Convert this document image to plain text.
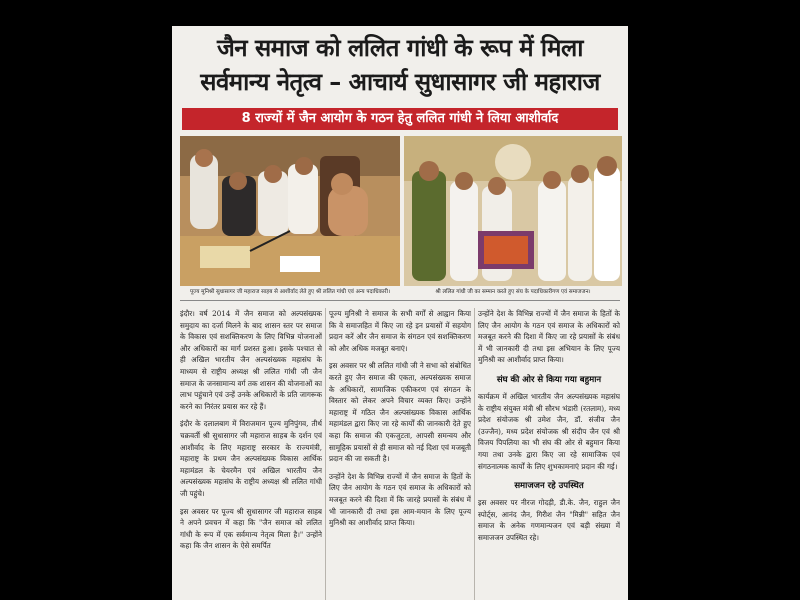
जैन समाज को ललित गांधी के रूप में मिला
सर्वमान्य नेतृत्व – आचार्य सुधासागर जी महाराज
8 राज्यों में जैन आयोग के गठन हेतु ललित गांधी ने लिया आशीर्वाद
पूज्य मुनिश्री सुधासागर जी महाराज साहब से आशीर्वाद लेते हुए श्री ललित गांधी एवं अन्य पदाधिकारी।	श्री ललित गांधी जी का सम्मान करते हुए संघ के पदाधिकारीगण एवं समाजजन।

इंदौर। वर्ष 2014 में जैन समाज को अल्पसंख्यक समुदाय का दर्जा मिलने के बाद शासन स्तर पर समाज के विकास एवं सशक्तिकरण के लिए विभिन्न योजनाओं और अधिकारों का मार्ग प्रशस्त हुआ। इसके पश्चात से ही अखिल भारतीय जैन अल्पसंख्यक महासंघ के माध्यम से राष्ट्रीय अध्यक्ष श्री ललित गांधी जी जैन समाज के जनसामान्य वर्ग तक शासन की योजनाओं का लाभ पहुंचाने एवं उन्हें उनके अधिकारों के प्रति जागरूक करने का निरंतर प्रयास कर रहे हैं।

इंदौर के दलालबाग में विराजमान पूज्य मुनिपुंगव, तीर्थ चक्रवर्ती श्री सुधासागर जी महाराज साहब के दर्शन एवं आशीर्वाद के लिए महाराष्ट्र सरकार के राज्यमंत्री, महाराष्ट्र के प्रथम जैन अल्पसंख्यक विकास आर्थिक महामंडल के चेयरमैन एवं अखिल भारतीय जैन अल्पसंख्यक महासंघ के राष्ट्रीय अध्यक्ष श्री ललित गांधी जी पहुंचे।

इस अवसर पर पूज्य श्री सुधासागर जी महाराज साहब ने अपने प्रवचन में कहा कि "जैन समाज को ललित गांधी के रूप में एक सर्वमान्य नेतृत्व मिला है।" उन्होंने कहा कि जैन शासन के ऐसे समर्पित

पूज्य मुनिश्री ने समाज के सभी वर्गों से आह्वान किया कि वे समाजहित में किए जा रहे इन प्रयासों में सहयोग प्रदान करें और जैन समाज के संगठन एवं सशक्तिकरण को और अधिक मजबूत बनाएं।

इस अवसर पर श्री ललित गांधी जी ने सभा को संबोधित करते हुए जैन समाज की एकता, अल्पसंख्यक समाज के अधिकारों, सामाजिक एकीकरण एवं संगठन के विस्तार को लेकर अपने विचार व्यक्त किए। उन्होंने महाराष्ट्र में गठित जैन अल्पसंख्यक विकास आर्थिक महामंडल द्वारा किए जा रहे कार्यों की जानकारी देते हुए कहा कि समाज की एकजुटता, आपसी समन्वय और सामूहिक प्रयासों से ही समाज को नई दिशा एवं मजबूती प्रदान की जा सकती है।

उन्होंने देश के विभिन्न राज्यों में जैन समाज के हितों के लिए जैन आयोग के गठन एवं समाज के अधिकारों को मजबूत करने की दिशा में कि जारहे प्रयासों के संबंध में भी जानकारी दी तथा इस आम-मयान के लिए पूज्य मुनिश्री का आशीर्वाद प्राप्त किया।

उन्होंने देश के विभिन्न राज्यों में जैन समाज के हितों के लिए जैन आयोग के गठन एवं समाज के अधिकारों को मजबूत करने की दिशा में किए जा रहे प्रयासों के संबंध में भी जानकारी दी तथा इस अभियान के लिए पूज्य मुनिश्री का आशीर्वाद प्राप्त किया।

संघ की ओर से किया गया बहुमान

कार्यक्रम में अखिल भारतीय जैन अल्पसंख्यक महासंघ के राष्ट्रीय संयुक्त मंत्री श्री सौरभ भंडारी (रतलाम), मध्य प्रदेश संयोजक श्री उमेश जैन, डॉ. संजीव जैन (उज्जैन), मध्य प्रदेश संयोजक श्री संदीप जैन एवं श्री विजय पिपलिया का भी संघ की ओर से बहुमान किया गया तथा उनके द्वारा किए जा रहे सामाजिक एवं संगठनात्मक कार्यों के लिए शुभकामनाएं प्रदान की गई।

समाजजन रहे उपस्थित

इस अवसर पर नीरज गोदड़ी, डी.के. जैन, राहुल जैन स्पोर्ट्स, आनंद जैन, गिरीश जैन "मिन्नी" सहित जैन समाज के अनेक गणमान्यजन एवं बड़ी संख्या में समाजजन उपस्थित रहे।
